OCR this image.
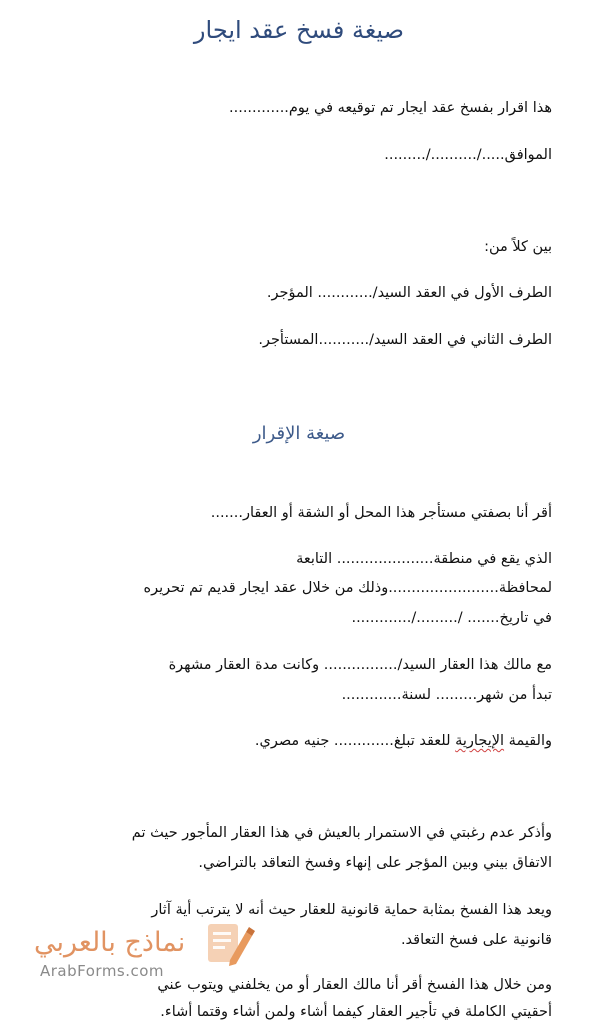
صيغة فسخ عقد ايجار
هذا اقرار بفسخ عقد ايجار تم توقيعه في يوم.............
الموافق...../........../.........
بين كلاً من:
الطرف الأول في العقد السيد/............ المؤجر.
الطرف الثاني في العقد السيد/...........المستأجر.
صيغة الإقرار
أقر أنا بصفتي مستأجر هذا المحل أو الشقة أو العقار.......
الذي يقع في منطقة..................... التابعة
لمحافظة........................وذلك من خلال عقد ايجار قديم تم تحريره
في تاريخ....... /........./.............
مع مالك هذا العقار السيد/................ وكانت مدة العقار مشهرة
تبدأ من شهر......... لسنة.............
والقيمة الإيجارية للعقد تبلغ............. جنيه مصري.
وأذكر عدم رغبتي في الاستمرار بالعيش في هذا العقار المأجور حيث تم
الاتفاق بيني وبين المؤجر على إنهاء وفسخ التعاقد بالتراضي.
ويعد هذا الفسخ بمثابة حماية قانونية للعقار حيث أنه لا يترتب أية آثار
قانونية على فسخ التعاقد.
ومن خلال هذا الفسخ أقر أنا مالك العقار أو من يخلفني ويتوب عني
أحقيتي الكاملة في تأجير العقار كيفما أشاء ولمن أشاء وقتما أشاء.
نماذج بالعربي
ArabForms.com
